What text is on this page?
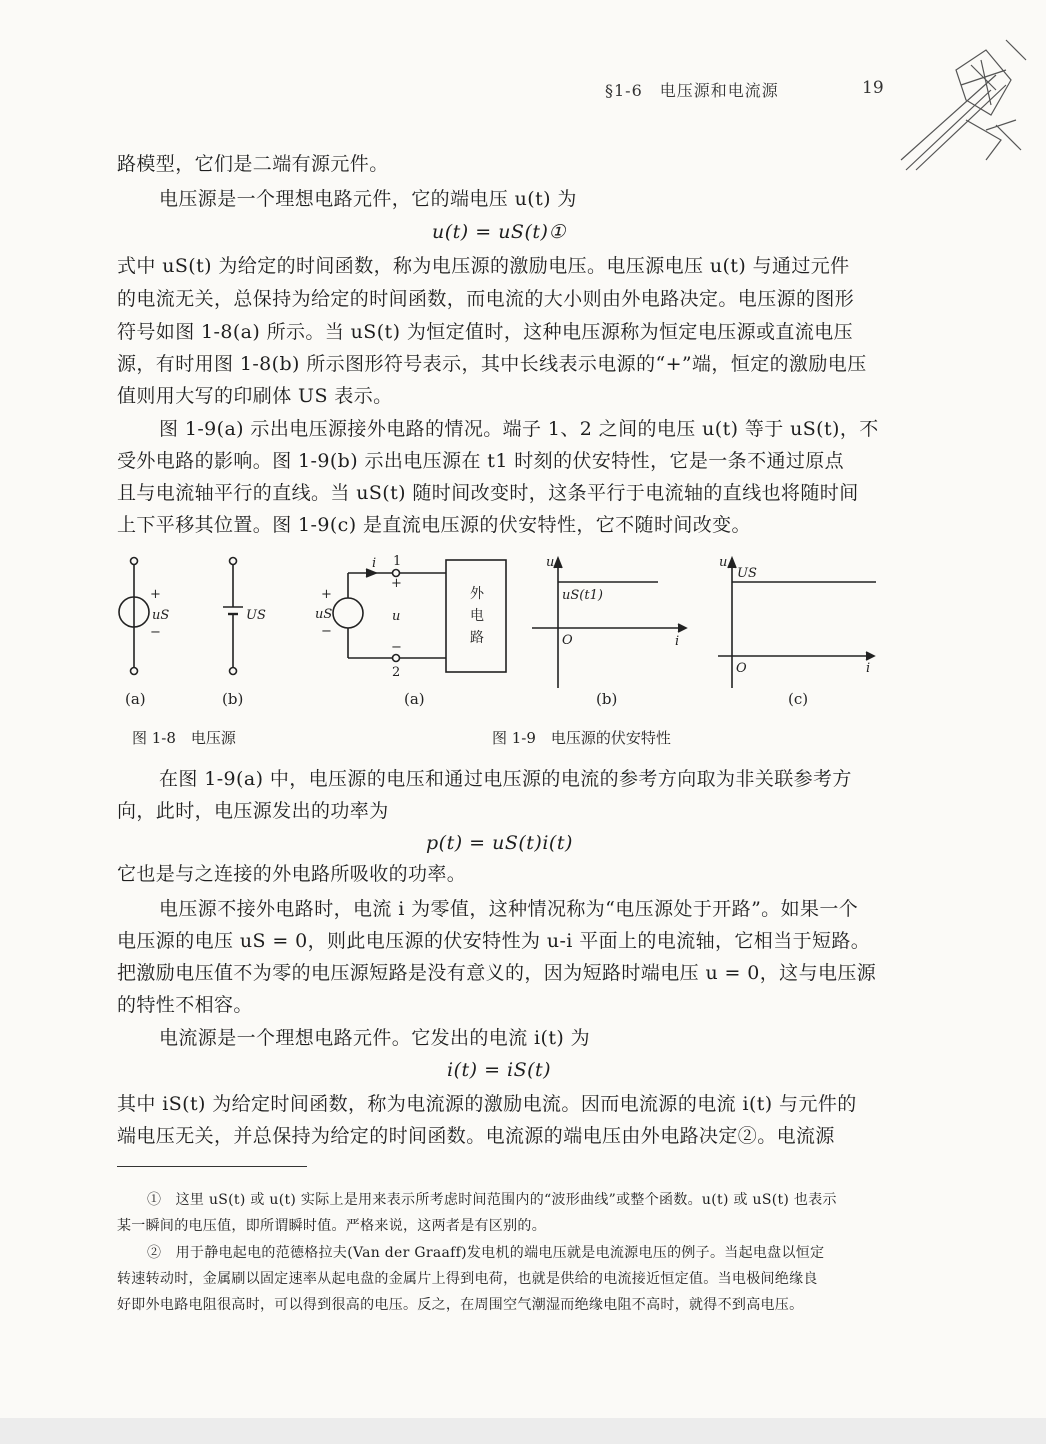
§1-6　电压源和电流源	19
路模型，它们是二端有源元件。
电压源是一个理想电路元件，它的端电压 u(t) 为
u(t) = uS(t)①
式中 uS(t) 为给定的时间函数，称为电压源的激励电压。电压源电压 u(t) 与通过元件
的电流无关，总保持为给定的时间函数，而电流的大小则由外电路决定。电压源的图形
符号如图 1-8(a) 所示。当 uS(t) 为恒定值时，这种电压源称为恒定电压源或直流电压
源，有时用图 1-8(b) 所示图形符号表示，其中长线表示电源的“+”端，恒定的激励电压
值则用大写的印刷体 US 表示。
图 1-9(a) 示出电压源接外电路的情况。端子 1、2 之间的电压 u(t) 等于 uS(t)，不
受外电路的影响。图 1-9(b) 示出电压源在 t1 时刻的伏安特性，它是一条不通过原点
且与电流轴平行的直线。当 uS(t) 随时间改变时，这条平行于电流轴的直线也将随时间
上下平移其位置。图 1-9(c) 是直流电压源的伏安特性，它不随时间改变。
+
uS
−
US
+
uS
−
i 1
+
u
−
2
外
电
路
u
uS(t1)
O	i
u
US
O	i
(a)	(b)	(a)	(b)	(c)
图 1-8　电压源	图 1-9　电压源的伏安特性
在图 1-9(a) 中，电压源的电压和通过电压源的电流的参考方向取为非关联参考方
向，此时，电压源发出的功率为
p(t) = uS(t)i(t)
它也是与之连接的外电路所吸收的功率。
电压源不接外电路时，电流 i 为零值，这种情况称为“电压源处于开路”。如果一个
电压源的电压 uS = 0，则此电压源的伏安特性为 u-i 平面上的电流轴，它相当于短路。
把激励电压值不为零的电压源短路是没有意义的，因为短路时端电压 u = 0，这与电压源
的特性不相容。
电流源是一个理想电路元件。它发出的电流 i(t) 为
i(t) = iS(t)
其中 iS(t) 为给定时间函数，称为电流源的激励电流。因而电流源的电流 i(t) 与元件的
端电压无关，并总保持为给定的时间函数。电流源的端电压由外电路决定②。电流源
①　这里 uS(t) 或 u(t) 实际上是用来表示所考虑时间范围内的“波形曲线”或整个函数。u(t) 或 uS(t) 也表示
某一瞬间的电压值，即所谓瞬时值。严格来说，这两者是有区别的。
②　用于静电起电的范德格拉夫(Van der Graaff)发电机的端电压就是电流源电压的例子。当起电盘以恒定
转速转动时，金属刷以固定速率从起电盘的金属片上得到电荷，也就是供给的电流接近恒定值。当电极间绝缘良
好即外电路电阻很高时，可以得到很高的电压。反之，在周围空气潮湿而绝缘电阻不高时，就得不到高电压。
